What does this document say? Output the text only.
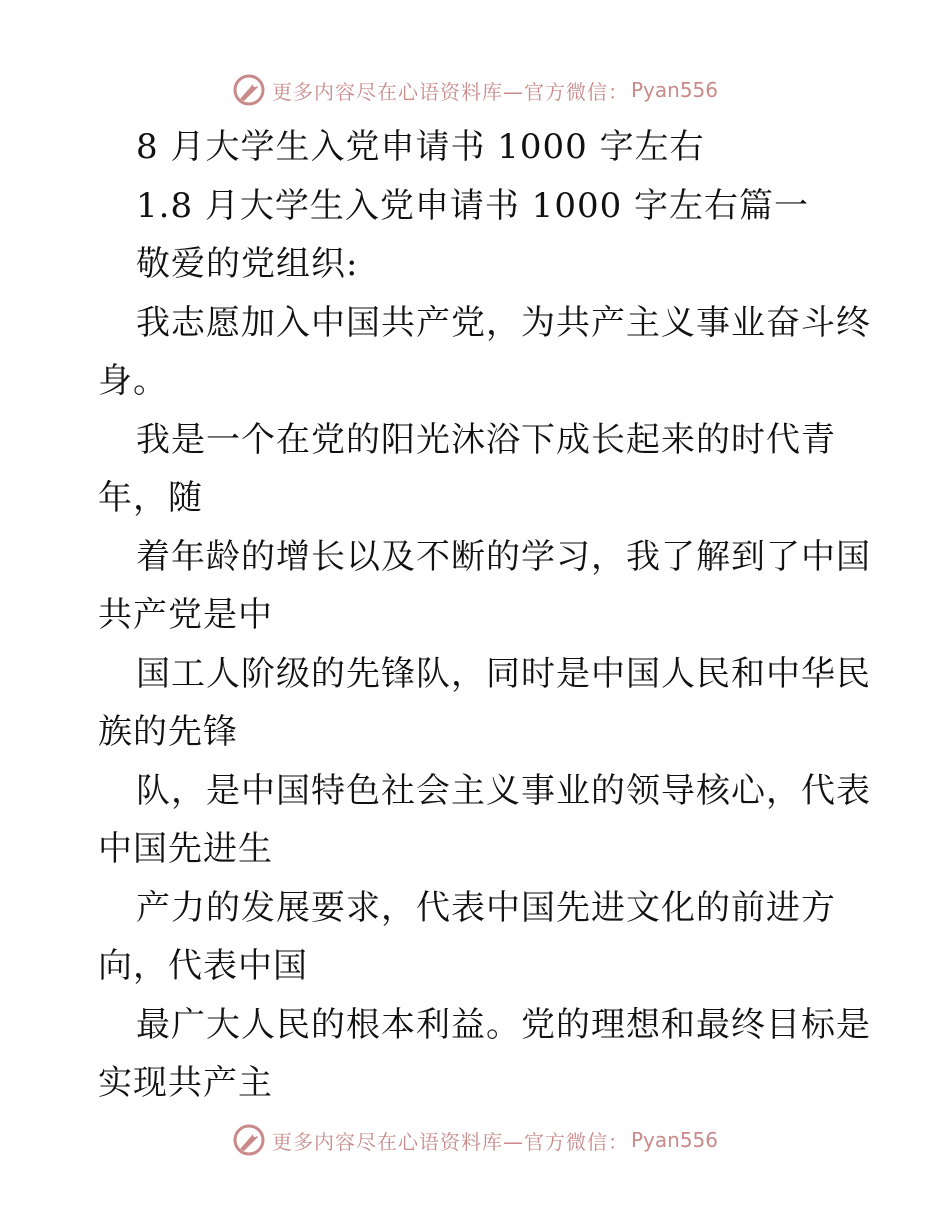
更多内容尽在心语资料库—官方微信： Pyan556
8 月大学生入党申请书 1000 字左右
1.8 月大学生入党申请书 1000 字左右篇一
敬爱的党组织:
我志愿加入中国共产党，为共产主义事业奋斗终
身。
我是一个在党的阳光沐浴下成长起来的时代青
年，随
着年龄的增长以及不断的学习，我了解到了中国
共产党是中
国工人阶级的先锋队，同时是中国人民和中华民
族的先锋
队，是中国特色社会主义事业的领导核心，代表
中国先进生
产力的发展要求，代表中国先进文化的前进方
向，代表中国
最广大人民的根本利益。党的理想和最终目标是
实现共产主
更多内容尽在心语资料库—官方微信： Pyan556
